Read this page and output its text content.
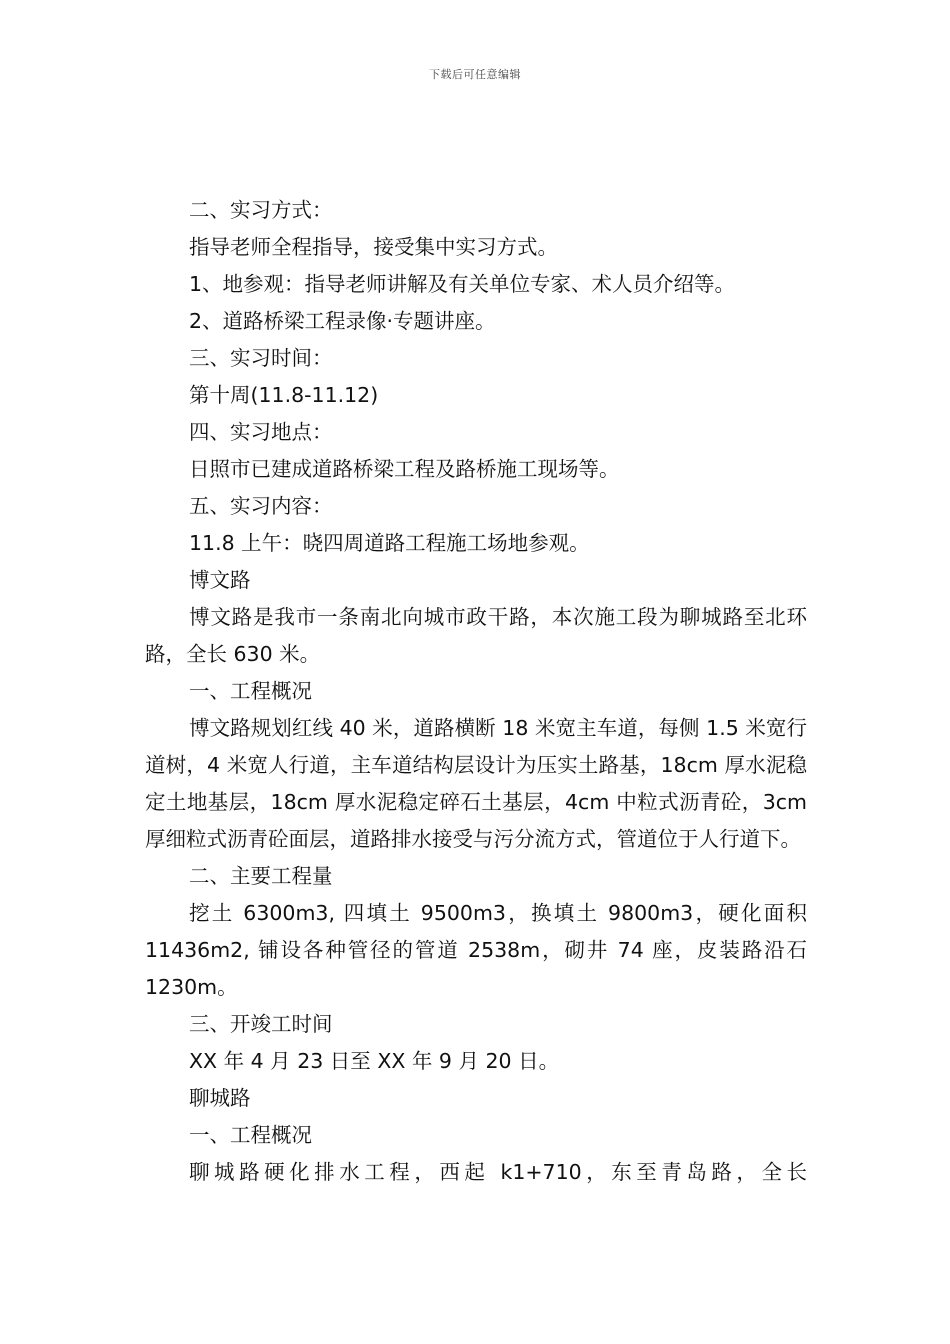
下载后可任意编辑

二、实习方式：

指导老师全程指导，接受集中实习方式。

1、地参观：指导老师讲解及有关单位专家、术人员介绍等。

2、道路桥梁工程录像·专题讲座。

三、实习时间：

第十周(11.8-11.12)

四、实习地点：

日照市已建成道路桥梁工程及路桥施工现场等。

五、实习内容：

11.8 上午：晓四周道路工程施工场地参观。

博文路

博文路是我市一条南北向城市政干路，本次施工段为聊城路至北环路，全长 630 米。

一、工程概况

博文路规划红线 40 米，道路横断 18 米宽主车道，每侧 1.5 米宽行道树，4 米宽人行道，主车道结构层设计为压实土路基，18cm 厚水泥稳定土地基层，18cm 厚水泥稳定碎石土基层，4cm 中粒式沥青砼，3cm 厚细粒式沥青砼面层，道路排水接受与污分流方式，管道位于人行道下。

二、主要工程量

挖土 6300m3, 四填土 9500m3，换填土 9800m3，硬化面积 11436m2, 铺设各种管径的管道 2538m，砌井 74 座，皮装路沿石 1230m。

三、开竣工时间

XX 年 4 月 23 日至 XX 年 9 月 20 日。

聊城路

一、工程概况

聊城路硬化排水工程，西起 k1+710，东至青岛路，全长
